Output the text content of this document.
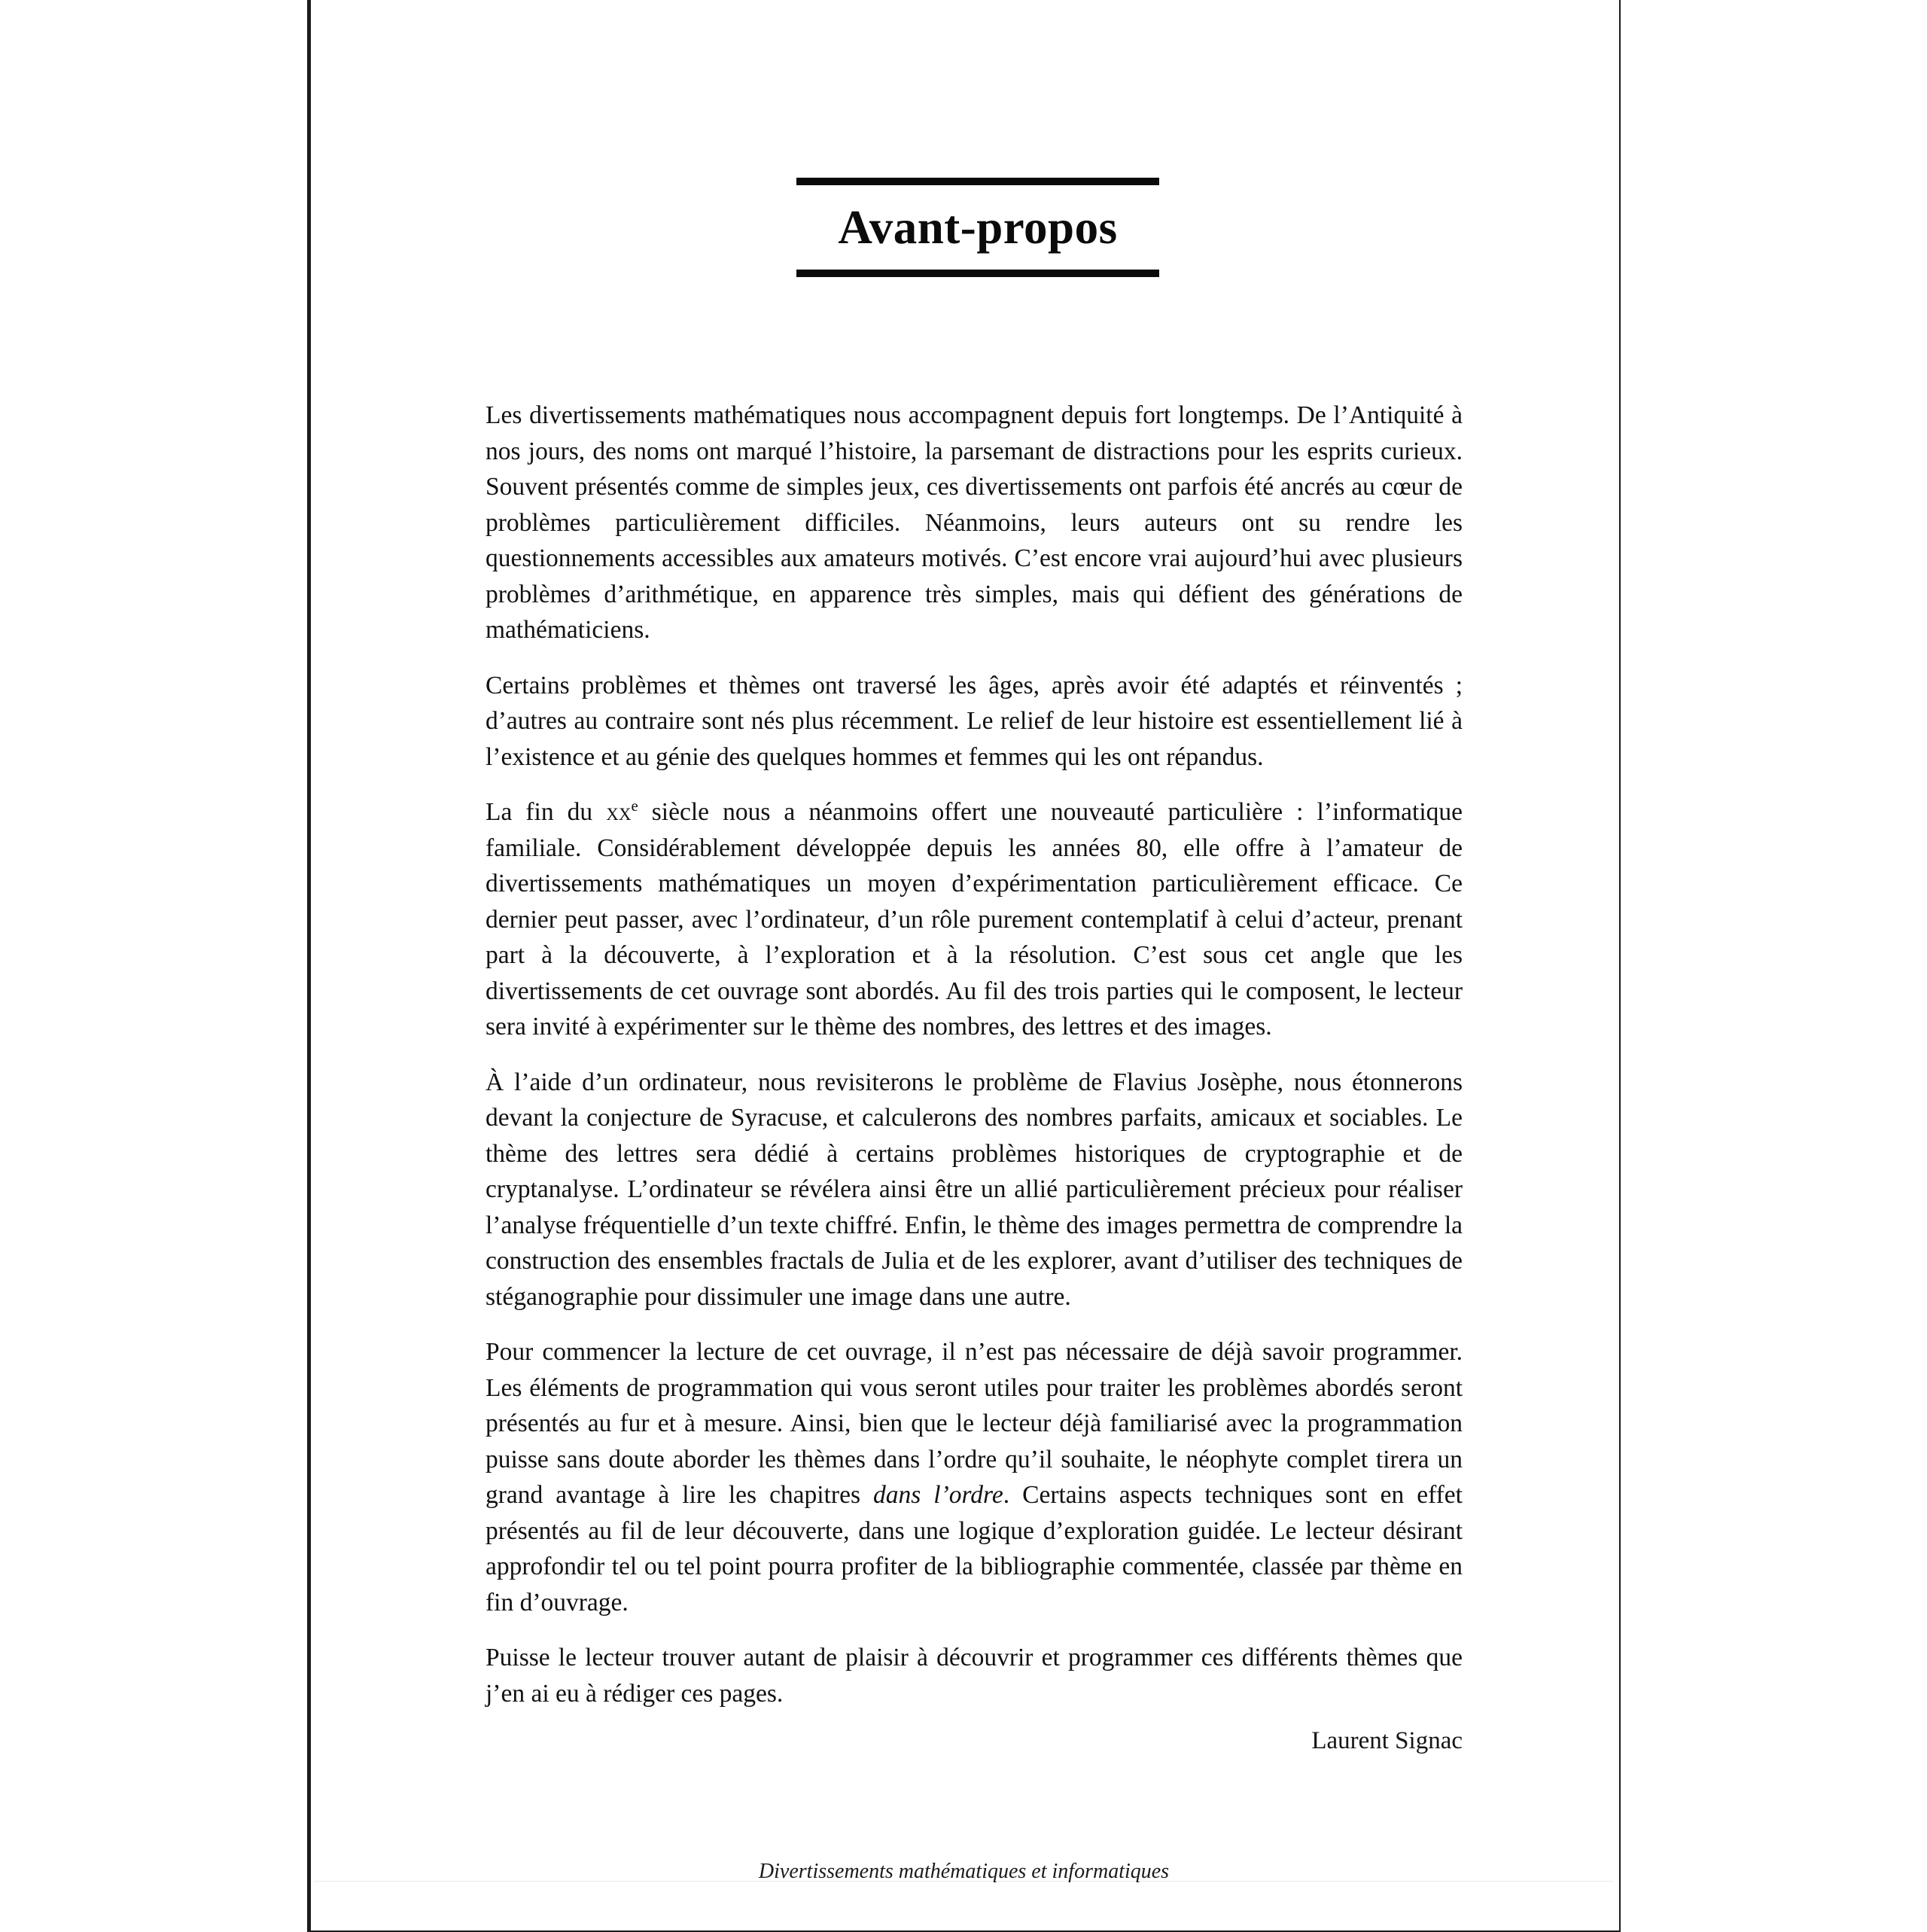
Avant-propos

Les divertissements mathématiques nous accompagnent depuis fort longtemps. De l’Antiquité à nos jours, des noms ont marqué l’histoire, la parsemant de distractions pour les esprits curieux. Souvent présentés comme de simples jeux, ces divertissements ont parfois été ancrés au cœur de problèmes particulièrement difficiles. Néanmoins, leurs auteurs ont su rendre les questionnements accessibles aux amateurs motivés. C’est encore vrai aujourd’hui avec plusieurs problèmes d’arithmétique, en apparence très simples, mais qui défient des générations de mathématiciens.

Certains problèmes et thèmes ont traversé les âges, après avoir été adaptés et réinventés ; d’autres au contraire sont nés plus récemment. Le relief de leur histoire est essentiellement lié à l’existence et au génie des quelques hommes et femmes qui les ont répandus.

La fin du $xx^e$ siècle nous a néanmoins offert une nouveauté particulière : l’informatique familiale. Considérablement développée depuis les années 80, elle offre à l’amateur de divertissements mathématiques un moyen d’expérimentation particulièrement efficace. Ce dernier peut passer, avec l’ordinateur, d’un rôle purement contemplatif à celui d’acteur, prenant part à la découverte, à l’exploration et à la résolution. C’est sous cet angle que les divertissements de cet ouvrage sont abordés. Au fil des trois parties qui le composent, le lecteur sera invité à expérimenter sur le thème des nombres, des lettres et des images.

À l’aide d’un ordinateur, nous revisiterons le problème de Flavius Josèphe, nous étonnerons devant la conjecture de Syracuse, et calculerons des nombres parfaits, amicaux et sociables. Le thème des lettres sera dédié à certains problèmes historiques de cryptographie et de cryptanalyse. L’ordinateur se révélera ainsi être un allié particulièrement précieux pour réaliser l’analyse fréquentielle d’un texte chiffré. Enfin, le thème des images permettra de comprendre la construction des ensembles fractals de Julia et de les explorer, avant d’utiliser des techniques de stéganographie pour dissimuler une image dans une autre.

Pour commencer la lecture de cet ouvrage, il n’est pas nécessaire de déjà savoir programmer. Les éléments de programmation qui vous seront utiles pour traiter les problèmes abordés seront présentés au fur et à mesure. Ainsi, bien que le lecteur déjà familiarisé avec la programmation puisse sans doute aborder les thèmes dans l’ordre qu’il souhaite, le néophyte complet tirera un grand avantage à lire les chapitres dans l’ordre. Certains aspects techniques sont en effet présentés au fil de leur découverte, dans une logique d’exploration guidée. Le lecteur désirant approfondir tel ou tel point pourra profiter de la bibliographie commentée, classée par thème en fin d’ouvrage.

Puisse le lecteur trouver autant de plaisir à découvrir et programmer ces différents thèmes que j’en ai eu à rédiger ces pages.

Laurent Signac
Divertissements mathématiques et informatiques
